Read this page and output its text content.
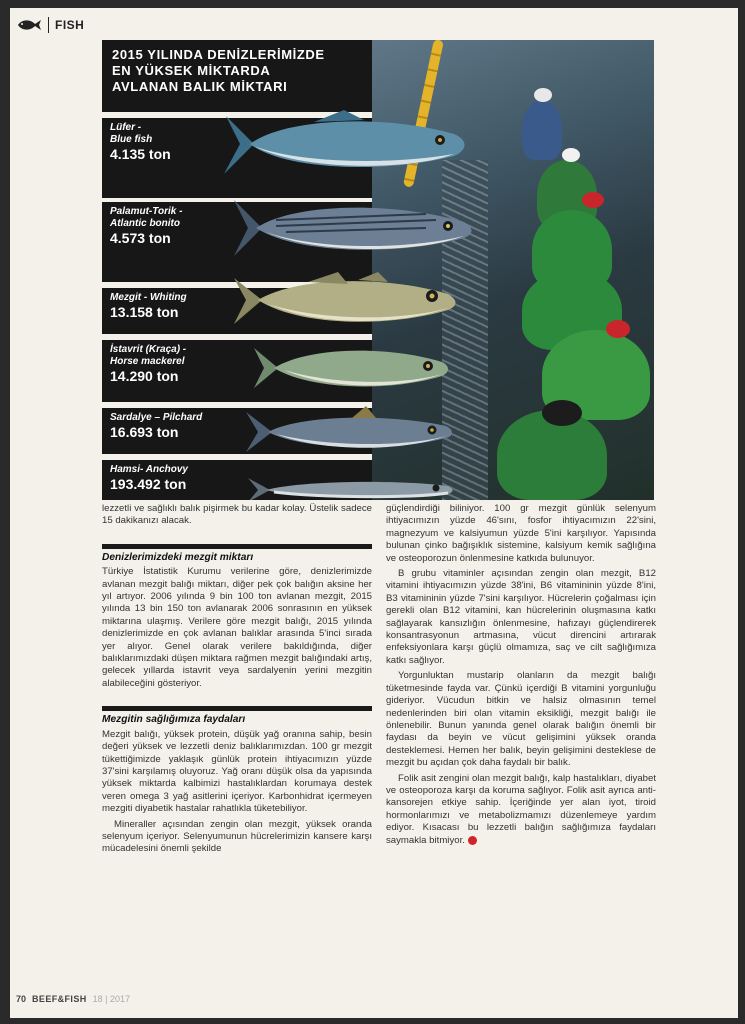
FISH
2015 YILINDA DENİZLERİMİZDE
EN YÜKSEK MİKTARDA
AVLANAN BALIK MİKTARI
Lüfer -
Blue fish
4.135 ton
Palamut-Torik -
Atlantic bonito
4.573 ton
Mezgit - Whiting
13.158 ton
İstavrit (Kraça) -
Horse mackerel
14.290 ton
Sardalye – Pilchard
16.693 ton
Hamsi- Anchovy
193.492 ton

lezzetli ve sağlıklı balık pişirmek bu kadar kolay. Üstelik sadece 15 dakikanızı alacak.

Denizlerimizdeki mezgit miktarı

Türkiye İstatistik Kurumu verilerine göre, denizlerimizde avlanan mezgit balığı miktarı, diğer pek çok balığın aksine her yıl artıyor. 2006 yılında 9 bin 100 ton avlanan mezgit, 2015 yılında 13 bin 150 ton avlanarak 2006 sonrasının en yüksek miktarına ulaşmış. Verilere göre mezgit balığı, 2015 yılında denizlerimizde en çok avlanan balıklar arasında 5'inci sırada yer alıyor. Genel olarak verilere bakıldığında, diğer balıklarımızdaki düşen miktara rağmen mezgit balığındaki artış, gelecek yıllarda istavrit veya sardalyenin yerini mezgitin alabileceğini gösteriyor.

Mezgitin sağlığımıza faydaları

Mezgit balığı, yüksek protein, düşük yağ oranına sahip, besin değeri yüksek ve lezzetli deniz balıklarımızdan. 100 gr mezgit tükettiğimizde yaklaşık günlük protein ihtiyacımızın yüzde 37'sini karşılamış oluyoruz. Yağ oranı düşük olsa da yapısında yüksek miktarda kalbimizi hastalıklardan korumaya destek veren omega 3 yağ asitlerini içeriyor. Karbonhidrat içermeyen mezgiti diyabetik hastalar rahatlıkla tüketebiliyor.

Mineraller açısından zengin olan mezgit, yüksek oranda selenyum içeriyor. Selenyumunun hücrelerimizin kansere karşı mücadelesini önemli şekilde

güçlendirdiği biliniyor. 100 gr mezgit günlük selenyum ihtiyacımızın yüzde 46'sını, fosfor ihtiyacımızın 22'sini, magnezyum ve kalsiyumun yüzde 5'ini karşılıyor. Yapısında bulunan çinko bağışıklık sistemine, kalsiyum kemik sağlığına ve osteoporozun önlenmesine katkıda bulunuyor.

B grubu vitaminler açısından zengin olan mezgit, B12 vitamini ihtiyacımızın yüzde 38'ini, B6 vitamininin yüzde 8'ini, B3 vitamininin yüzde 7'sini karşılıyor. Hücrelerin çoğalması için gerekli olan B12 vitamini, kan hücrelerinin oluşmasına katkı sağlayarak kansızlığın önlenmesine, hafızayı güçlendirerek konsantrasyonun artmasına, vücut direncini artırarak enfeksiyonlara karşı güçlü olmamıza, saç ve cilt sağlığımıza katkı sağlıyor.

Yorgunluktan mustarip olanların da mezgit balığı tüketmesinde fayda var. Çünkü içerdiği B vitamini yorgunluğu gideriyor. Vücudun bitkin ve halsiz olmasının temel nedenlerinden biri olan vitamin eksikliği, mezgit balığı ile önlenebilir. Bunun yanında genel olarak balığın önemli bir faydası da beyin ve vücut gelişimini yüksek oranda desteklemesi. Hemen her balık, beyin gelişimini desteklese de mezgit bu açıdan çok daha faydalı bir balık.

Folik asit zengini olan mezgit balığı, kalp hastalıkları, diyabet ve osteoporoza karşı da koruma sağlıyor. Folik asit ayrıca anti-kansorejen etkiye sahip. İçeriğinde yer alan iyot, tiroid hormonlarımızı ve metabolizmamızı düzenlemeye yardım ediyor. Kısacası bu lezzetli balığın sağlığımıza faydaları saymakla bitmiyor.

70 BEEF&FISH 18 | 2017
